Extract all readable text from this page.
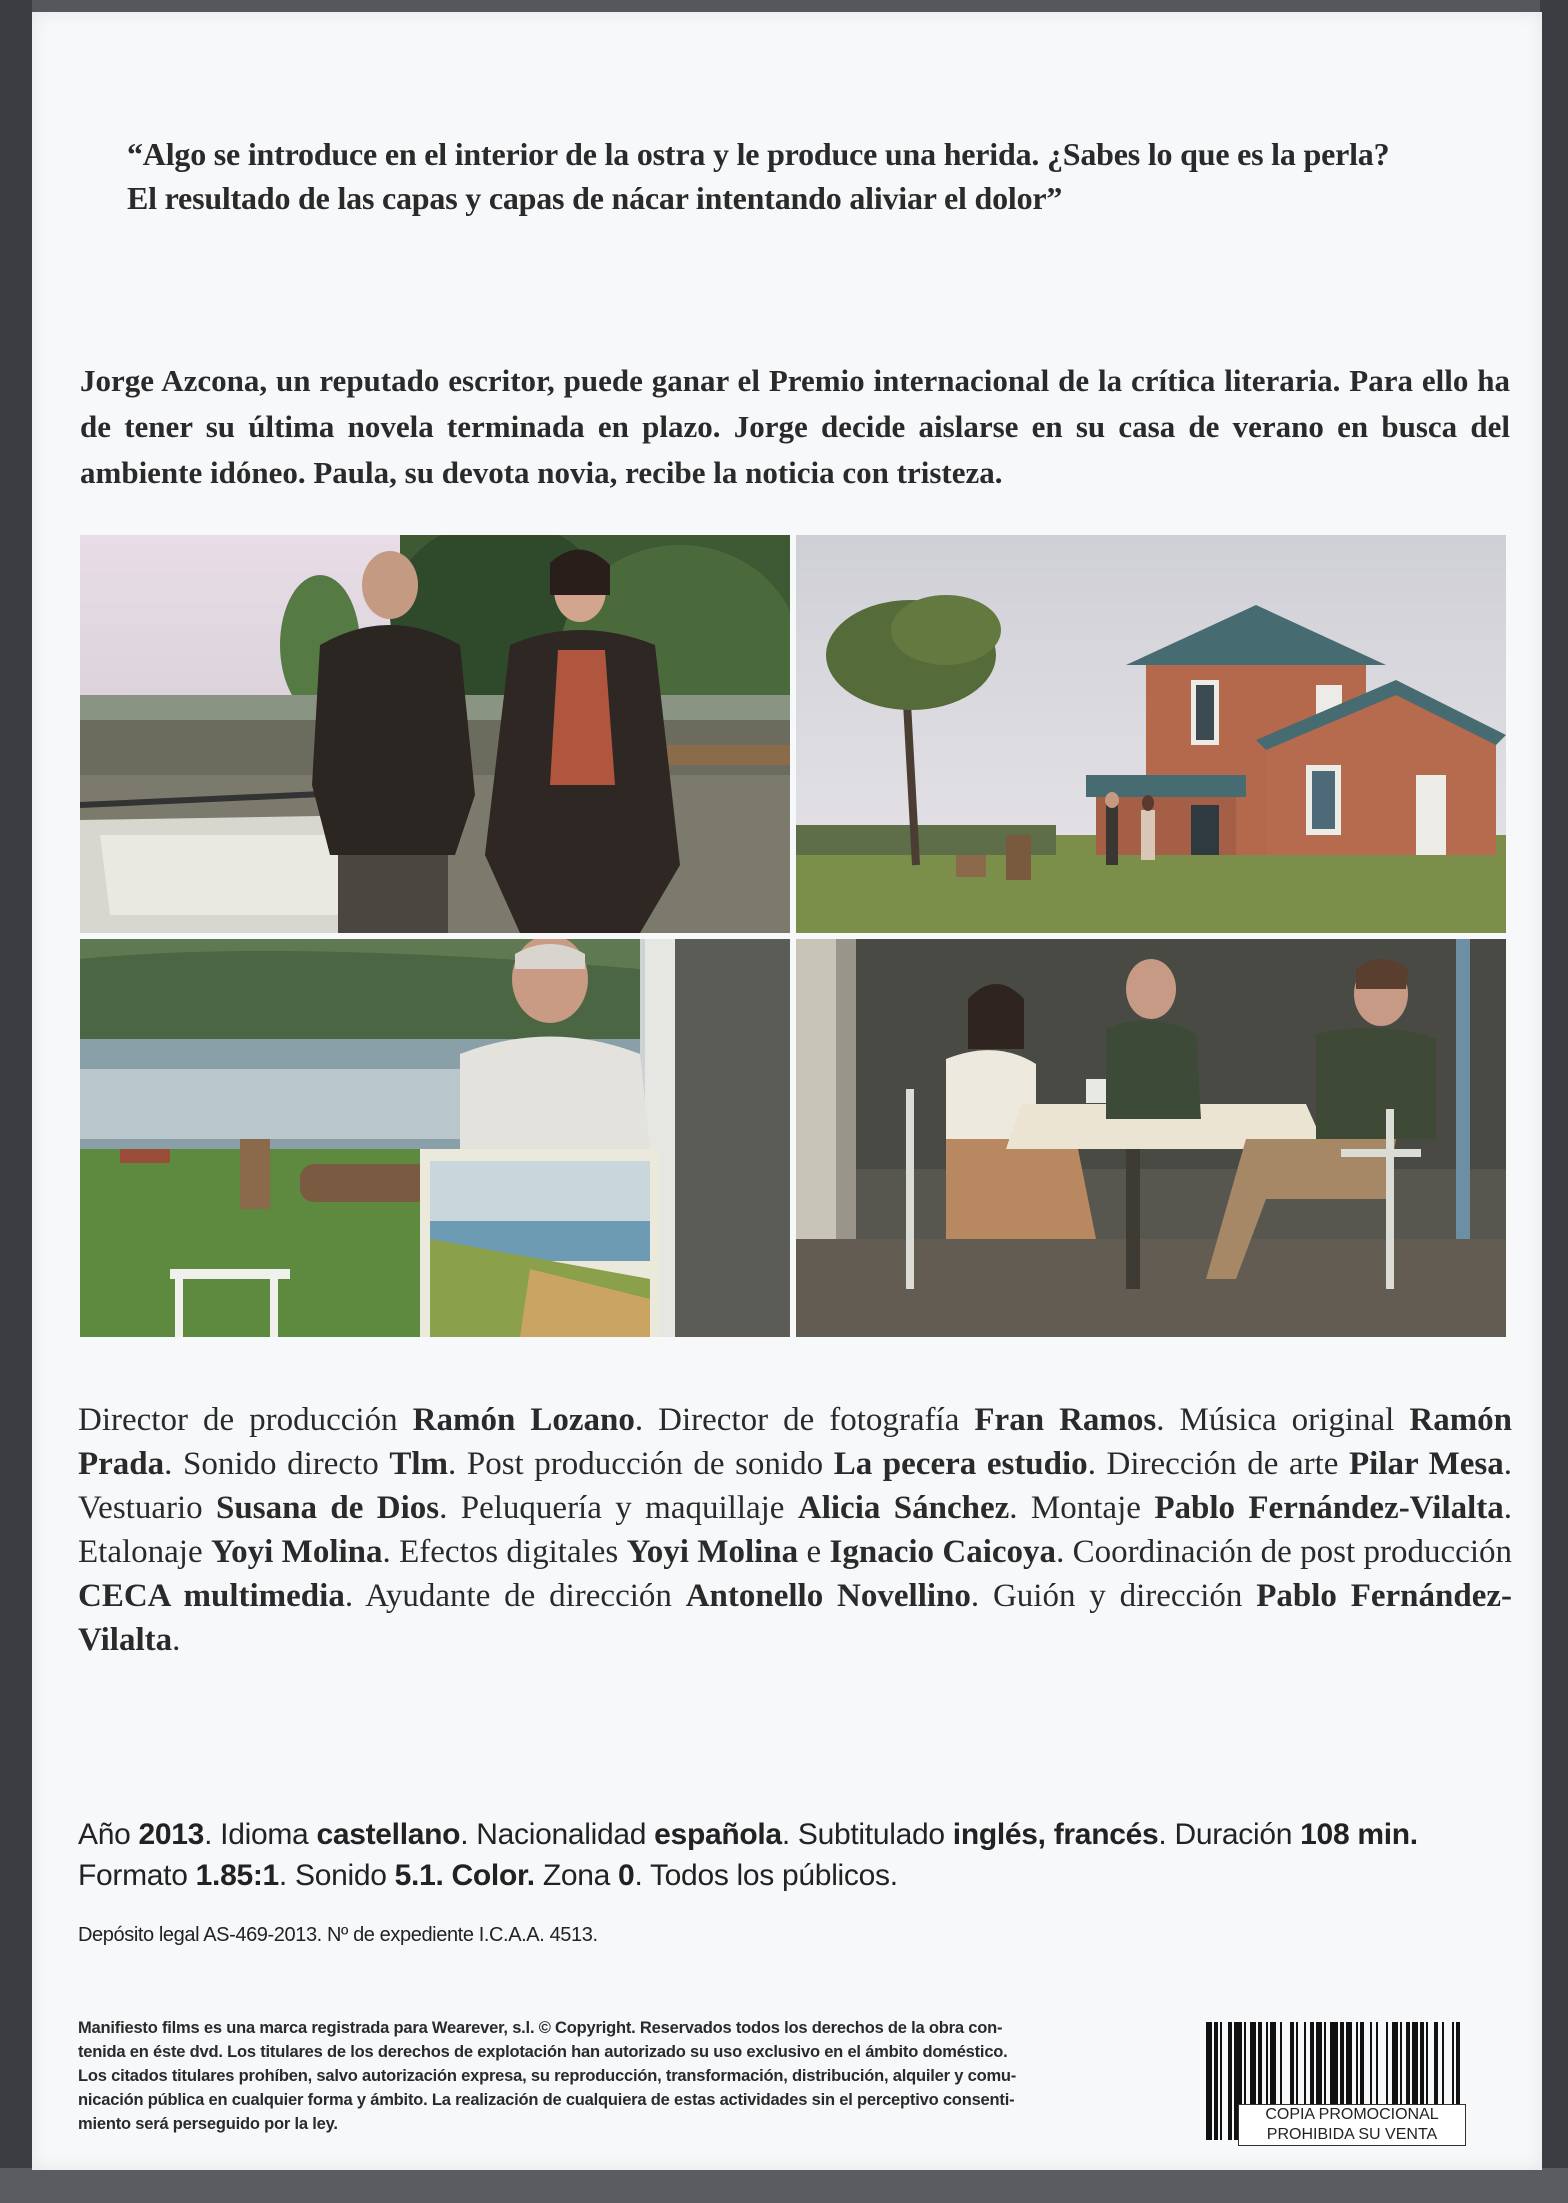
“Algo se introduce en el interior de la ostra y le produce una herida. ¿Sabes lo que es la perla?
El resultado de las capas y capas de nácar intentando aliviar el dolor”
Jorge Azcona, un reputado escritor, puede ganar el Premio internacional de la crítica literaria. Para ello ha de tener su última novela terminada en plazo. Jorge decide aislarse en su casa de verano en busca del ambiente idóneo. Paula, su devota novia, recibe la noticia con tristeza.
Director de producción Ramón Lozano. Director de fotografía Fran Ramos. Música original Ramón Prada. Sonido directo Tlm. Post producción de sonido La pecera estudio. Dirección de arte Pilar Mesa. Vestuario Susana de Dios. Peluquería y maquillaje Alicia Sánchez. Montaje Pablo Fernández-Vilalta. Etalonaje Yoyi Molina. Efectos digitales Yoyi Molina e Ignacio Caicoya. Coordinación de post producción CECA multimedia. Ayudante de dirección Antonello Novellino. Guión y dirección Pablo Fernández-Vilalta.
Año 2013. Idioma castellano. Nacionalidad española. Subtitulado inglés, francés. Duración 108 min.
Formato 1.85:1. Sonido 5.1. Color. Zona 0. Todos los públicos.
Depósito legal AS-469-2013. Nº de expediente I.C.A.A. 4513.
Manifiesto films es una marca registrada para Wearever, s.l. © Copyright. Reservados todos los derechos de la obra con-
tenida en éste dvd. Los titulares de los derechos de explotación han autorizado su uso exclusivo en el ámbito doméstico.
Los citados titulares prohíben, salvo autorización expresa, su reproducción, transformación, distribución, alquiler y comu-
nicación pública en cualquier forma y ámbito. La realización de cualquiera de estas actividades sin el perceptivo consenti-
miento será perseguido por la ley.
COPIA PROMOCIONAL
PROHIBIDA SU VENTA
